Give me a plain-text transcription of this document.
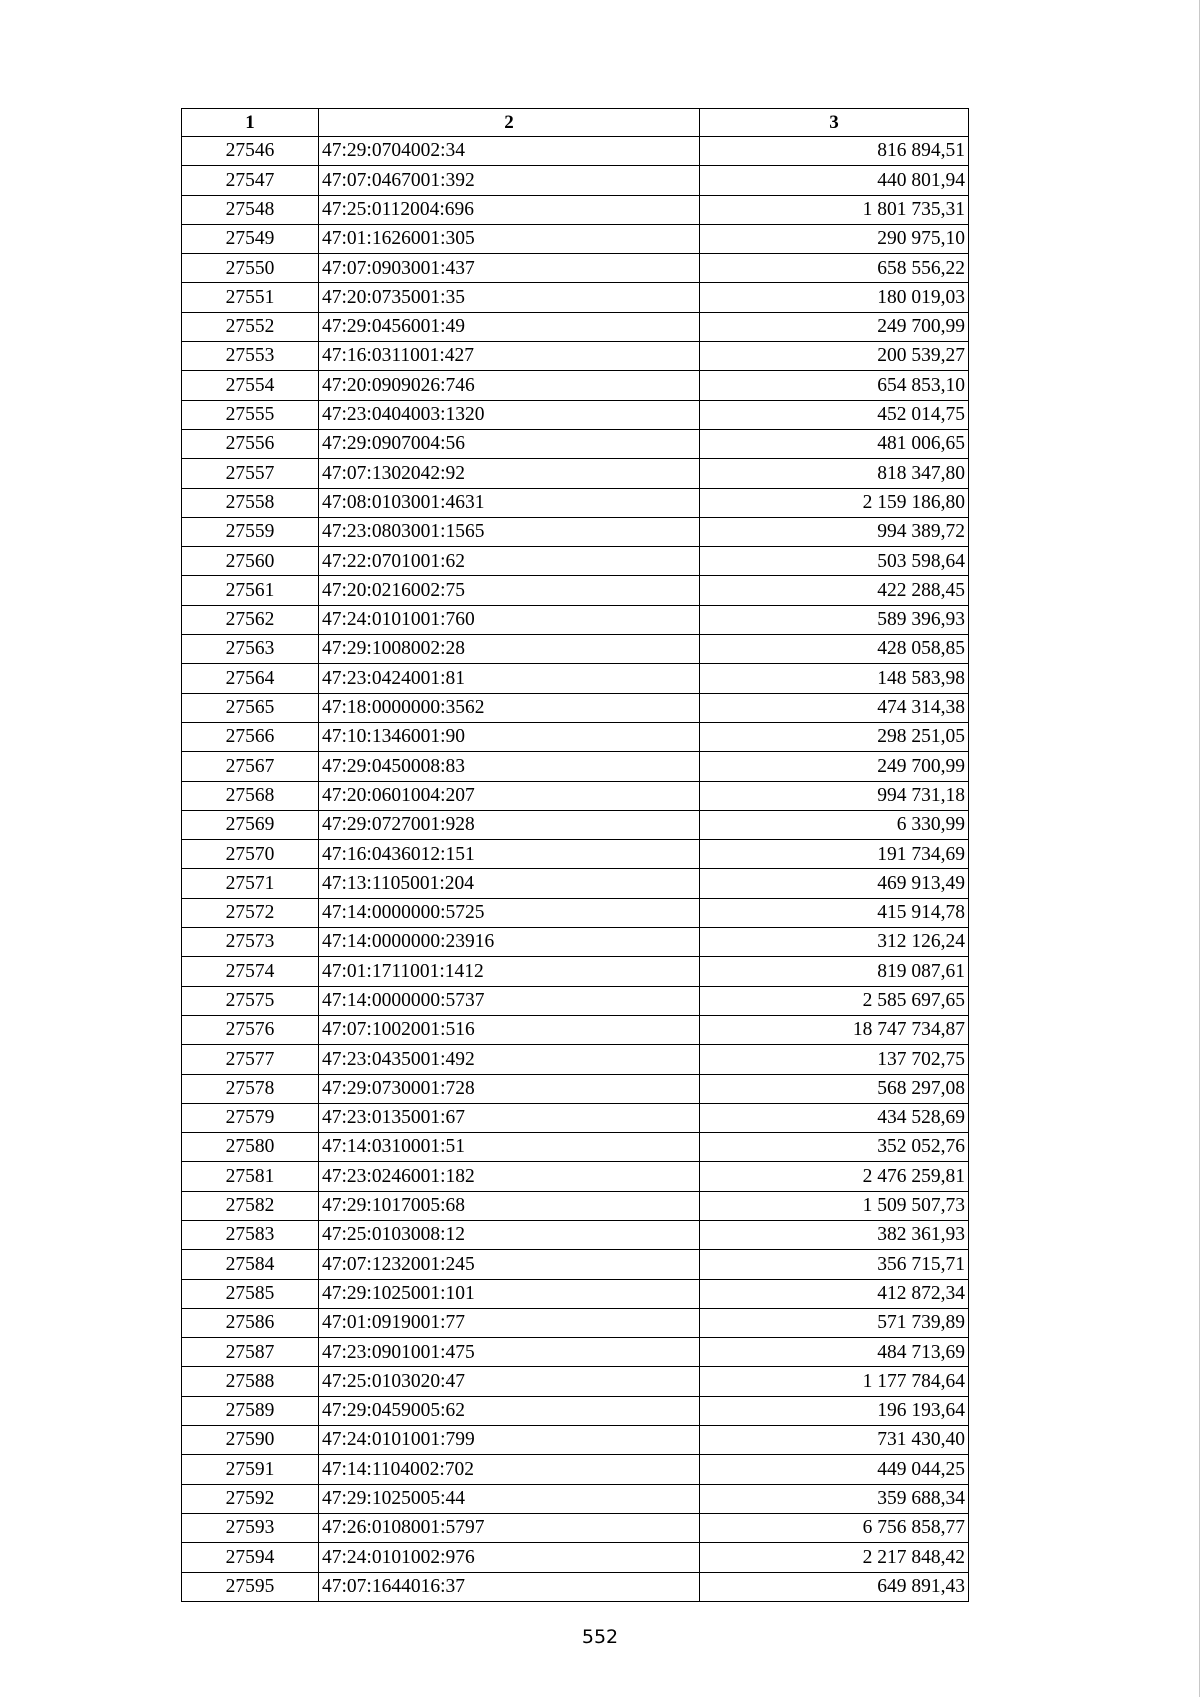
1	2	3
27546	47:29:0704002:34	816 894,51
27547	47:07:0467001:392	440 801,94
27548	47:25:0112004:696	1 801 735,31
27549	47:01:1626001:305	290 975,10
27550	47:07:0903001:437	658 556,22
27551	47:20:0735001:35	180 019,03
27552	47:29:0456001:49	249 700,99
27553	47:16:0311001:427	200 539,27
27554	47:20:0909026:746	654 853,10
27555	47:23:0404003:1320	452 014,75
27556	47:29:0907004:56	481 006,65
27557	47:07:1302042:92	818 347,80
27558	47:08:0103001:4631	2 159 186,80
27559	47:23:0803001:1565	994 389,72
27560	47:22:0701001:62	503 598,64
27561	47:20:0216002:75	422 288,45
27562	47:24:0101001:760	589 396,93
27563	47:29:1008002:28	428 058,85
27564	47:23:0424001:81	148 583,98
27565	47:18:0000000:3562	474 314,38
27566	47:10:1346001:90	298 251,05
27567	47:29:0450008:83	249 700,99
27568	47:20:0601004:207	994 731,18
27569	47:29:0727001:928	6 330,99
27570	47:16:0436012:151	191 734,69
27571	47:13:1105001:204	469 913,49
27572	47:14:0000000:5725	415 914,78
27573	47:14:0000000:23916	312 126,24
27574	47:01:1711001:1412	819 087,61
27575	47:14:0000000:5737	2 585 697,65
27576	47:07:1002001:516	18 747 734,87
27577	47:23:0435001:492	137 702,75
27578	47:29:0730001:728	568 297,08
27579	47:23:0135001:67	434 528,69
27580	47:14:0310001:51	352 052,76
27581	47:23:0246001:182	2 476 259,81
27582	47:29:1017005:68	1 509 507,73
27583	47:25:0103008:12	382 361,93
27584	47:07:1232001:245	356 715,71
27585	47:29:1025001:101	412 872,34
27586	47:01:0919001:77	571 739,89
27587	47:23:0901001:475	484 713,69
27588	47:25:0103020:47	1 177 784,64
27589	47:29:0459005:62	196 193,64
27590	47:24:0101001:799	731 430,40
27591	47:14:1104002:702	449 044,25
27592	47:29:1025005:44	359 688,34
27593	47:26:0108001:5797	6 756 858,77
27594	47:24:0101002:976	2 217 848,42
27595	47:07:1644016:37	649 891,43
552
